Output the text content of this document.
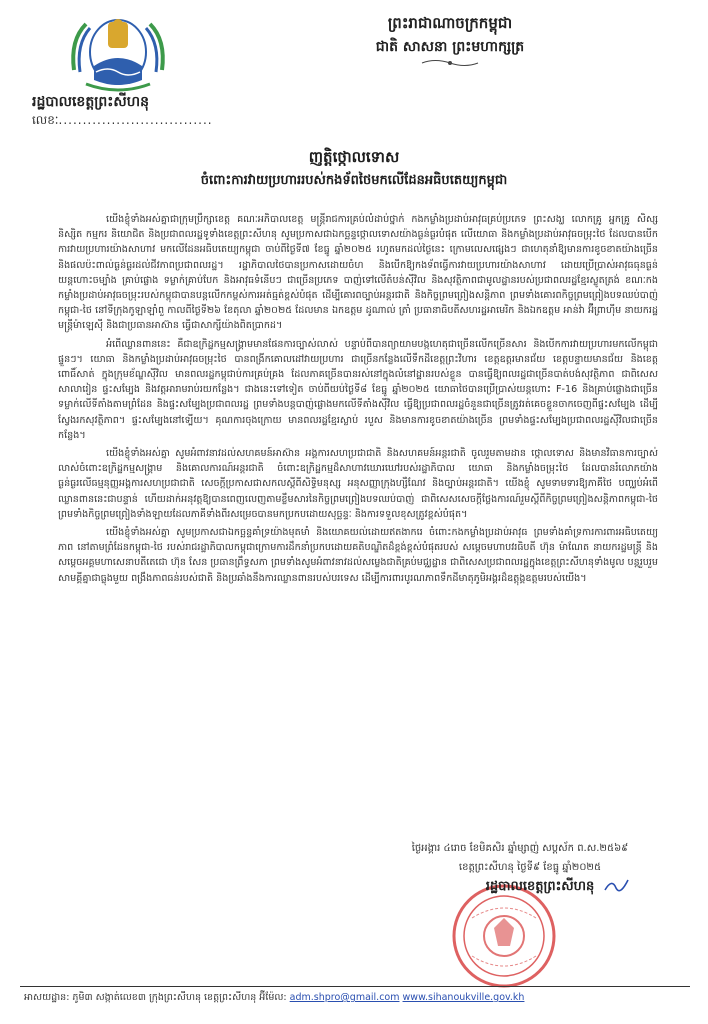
ព្រះរាជាណាចក្រកម្ពុជា
ជាតិ សាសនា ព្រះមហាក្សត្រ
រដ្ឋបាលខេត្តព្រះសីហនុ
លេខៈ................................
ញត្តិថ្កោលទោស
ចំពោះការវាយប្រហាររបស់កងទ័ពថៃមកលើដែនអធិបតេយ្យកម្ពុជា

យើងខ្ញុំទាំងអស់គ្នាជាក្រុមប្រឹក្សាខេត្ត គណៈអភិបាលខេត្ត មន្ត្រីរាជការគ្រប់លំដាប់ថ្នាក់ កងកម្លាំងប្រដាប់អាវុធគ្រប់ប្រភេទ ព្រះសង្ឃ លោកគ្រូ អ្នកគ្រូ សិស្ស និស្សិត កម្មករ និយោជិត និងប្រជាពលរដ្ឋទូទាំងខេត្តព្រះសីហនុ សូមប្រកាសជាឯកច្ឆន្ទថ្កោលទោសយ៉ាងធ្ងន់ធ្ងរបំផុត លើយោធា និងកម្លាំងប្រដាប់អាវុធចម្រុះថៃ ដែលបានបើកការវាយប្រហារយ៉ាងសាហាវ មកលើដែនអធិបតេយ្យកម្ពុជា ចាប់ពីថ្ងៃទី៧ ខែធ្នូ ឆ្នាំ២០២៥ រហូតមកដល់ថ្ងៃនេះ ក្រោមលេសផ្សេងៗ ជាហេតុនាំឱ្យមានការខូចខាតយ៉ាងច្រើន និងផលប៉ះពាល់ធ្ងន់ធ្ងរដល់ជីវភាពប្រជាពលរដ្ឋ។ រដ្ឋាភិបាលថៃបានប្រកាសដោយចំហ និងបើកឱ្យកងទ័ពធ្វើការវាយប្រហារយ៉ាងសាហាវ ដោយប្រើប្រាស់អាវុធធុនធ្ងន់ យន្តហោះចម្បាំង គ្រាប់ផ្លោង ទម្លាក់គ្រាប់បែក និងអាវុធទំនើបៗ ជាច្រើនប្រភេទ បាញ់ទៅលើតំបន់ស៊ីវិល និងសុវត្ថិភាពជាមូលដ្ឋានរបស់ប្រជាពលរដ្ឋខ្មែរស្លូតត្រង់ ខណៈកងកម្លាំងប្រដាប់អាវុធចម្រុះរបស់កម្ពុជាបានបន្តលើកកម្ពស់ការអត់ធ្មត់ខ្ពស់បំផុត ដើម្បីគោរពច្បាប់អន្តរជាតិ និងកិច្ចព្រមព្រៀងសន្តិភាព ព្រមទាំងគោរពកិច្ចព្រមព្រៀងបទឈប់បាញ់កម្ពុជា-ថៃ នៅទីក្រុងកូឡាឡាំពួ កាលពីថ្ងៃទី២៦ ខែតុលា ឆ្នាំ២០២៥ ដែលមាន ឯកឧត្តម ដូណាល់ ត្រាំ ប្រធានាធិបតីសហរដ្ឋអាមេរិក និងឯកឧត្តម អាន់វ៉ា អ៊ីព្រាហ៊ីម នាយករដ្ឋមន្ត្រីម៉ាឡេស៊ី និងជាប្រធានអាស៊ាន ធ្វើជាសាក្សីយ៉ាងពិតប្រាកដ។

អំពើឈ្លានពាននេះ គឺជាឧក្រិដ្ឋកម្មសង្គ្រាមមានផែនការច្បាស់លាស់ បន្ទាប់ពីបានព្យាយាមបង្កហេតុជាច្រើនលើកច្រើនសារ និងបើកការវាយប្រហារមកលើកម្ពុជាផ្ទួនៗ។ យោធា និងកម្លាំងប្រដាប់អាវុធចម្រុះថៃ បានពង្រីកគោលដៅវាយប្រហារ ជាច្រើនកន្លែងលើទឹកដីខេត្តព្រះវិហារ ខេត្តឧត្តរមានជ័យ ខេត្តបន្ទាយមានជ័យ និងខេត្តពោធិ៍សាត់ ក្នុងក្រុមខ័ណ្ឌស៊ីវិល មានពលរដ្ឋកម្ពុជាប់ការគ្រប់គ្រង ដែលភាគច្រើនបានរស់នៅក្នុងលំនៅដ្ឋានរបស់ខ្លួន បានធ្វើឱ្យពលរដ្ឋជាច្រើនបាត់បង់សុវត្ថិភាព ជាពិសេសសាលារៀន ផ្ទះសម្បែង និងវត្តអារាមរាប់រយកន្លែង។ ជាងនេះទៅទៀត ចាប់ពីយប់ថ្ងៃទី៨ ខែធ្នូ ឆ្នាំ២០២៥ យោធាថៃបានប្រើប្រាស់យន្តហោះ F-16 និងគ្រាប់ផ្លោងជាច្រើនទម្លាក់លើទីតាំងតាមព្រំដែន និងផ្ទះសម្បែងប្រជាពលរដ្ឋ ព្រមទាំងបន្តបាញ់ផ្លោងមកលើទីតាំងស៊ីវិល ធ្វើឱ្យប្រជាពលរដ្ឋចំនួនជាច្រើនត្រូវរត់គេចខ្លួនចាកចេញពីផ្ទះសម្បែង ដើម្បីស្វែងរកសុវត្ថិភាព។ ផ្ទះសម្បែងនៅទ្បើយ។ គុណការចុងក្រោយ មានពលរដ្ឋខ្មែរស្លាប់ របួស និងមានការខូចខាតយ៉ាងច្រើន ព្រមទាំងផ្ទះសម្បែងប្រជាពលរដ្ឋស៊ីវិលជាច្រើនកន្លែង។

យើងខ្ញុំទាំងអស់គ្នា សូមអំពាវនាវដល់សហគមន៍អាស៊ាន អង្គការសហប្រជាជាតិ និងសហគមន៍អន្តរជាតិ ចូលរួមតាមដាន ថ្កោលទោស និងមានវិធានការច្បាស់លាស់ចំពោះឧក្រិដ្ឋកម្មសង្គ្រាម និងគោលការណ៍អន្តរជាតិ ចំពោះឧក្រិដ្ឋកម្មដ៏សាហាវឃោរឃៅរបស់រដ្ឋាភិបាល យោធា និងកម្លាំងចម្រុះថៃ ដែលបានរំលោភយ៉ាងធ្ងន់ធ្ងរលើធម្មនុញ្ញអង្គការសហប្រជាជាតិ សេចក្តីប្រកាសជាសកលស្តីពីសិទ្ធិមនុស្ស អនុសញ្ញាក្រុងហ្សឺណែវ និងច្បាប់អន្តរជាតិ។ យើងខ្ញុំ សូមទាមទារឱ្យភាគីថៃ បញ្ឈប់អំពើឈ្លានពាននេះជាបន្ទាន់ ហើយដាក់អនុវត្តឱ្យបានពេញលេញតាមខ្លឹមសារនៃកិច្ចព្រមព្រៀងបទឈប់បាញ់ ជាពិសេសសេចក្តីថ្លែងការណ៍រួមស្តីពីកិច្ចព្រមព្រៀងសន្តិភាពកម្ពុជា-ថៃ ព្រមទាំងកិច្ចព្រមព្រៀងទាំងឡាយដែលភាគីទាំងពីរសម្រេចបានមកប្រកបដោយសុច្ឆន្ទៈ និងការទទួលខុសត្រូវខ្ពស់បំផុត។

យើងខ្ញុំទាំងអស់គ្នា សូមប្រកាសជាឯកច្ឆន្ទគាំទ្រយ៉ាងមុតមាំ និងយោគយល់ដោយឥតងាករេ ចំពោះកងកម្លាំងប្រដាប់អាវុធ ព្រមទាំងគាំទ្រការការពារអធិបតេយ្យភាព នៅតាមព្រំដែនកម្ពុជា-ថៃ របស់រាជរដ្ឋាភិបាលកម្ពុជាក្រោមការដឹកនាំប្រកបដោយគតិបណ្ឌិតដ៏ខ្ពង់ខ្ពស់បំផុតរបស់ សម្តេចមហាបវរធិបតី ហ៊ុន ម៉ាណែត នាយករដ្ឋមន្ត្រី និងសម្តេចអគ្គមហាសេនាបតីតេជោ ហ៊ុន សែន ប្រធានព្រឹទ្ធសភា ព្រមទាំងសូមអំពាវនាវដល់សម្លេងជាតិគ្រប់មជ្ឈដ្ឋាន ជាពិសេសប្រជាពលរដ្ឋក្នុងខេត្តព្រះសីហនុទាំងមូល បន្តរួបរួមសាមគ្គីគ្នាជាធ្លុងមួយ ពង្រឹងភាពធន់របស់ជាតិ និងប្រឆាំងនឹងការឈ្លានពានរបស់បរទេស ដើម្បីការពារបូរណភាពទឹកដីមាតុភូមិអង្គរដ៏ឧត្តុង្គឧត្តមរបស់យើង។

ថ្ងៃអង្គារ ៤រោច ខែមិគសិរ ឆ្នាំម្សាញ់ សប្តស័ក ព.ស.២៥៦៩
ខេត្តព្រះសីហនុ ថ្ងៃទី៩ ខែធ្នូ ឆ្នាំ២០២៥
រដ្ឋបាលខេត្តព្រះសីហនុ
អាសយដ្ឋាន: ភូមិ៣ សង្កាត់លេខ៣ ក្រុងព្រះសីហនុ ខេត្តព្រះសីហនុ អ៊ីម៉ែល: adm.shpro@gmail.com www.sihanoukville.gov.kh
